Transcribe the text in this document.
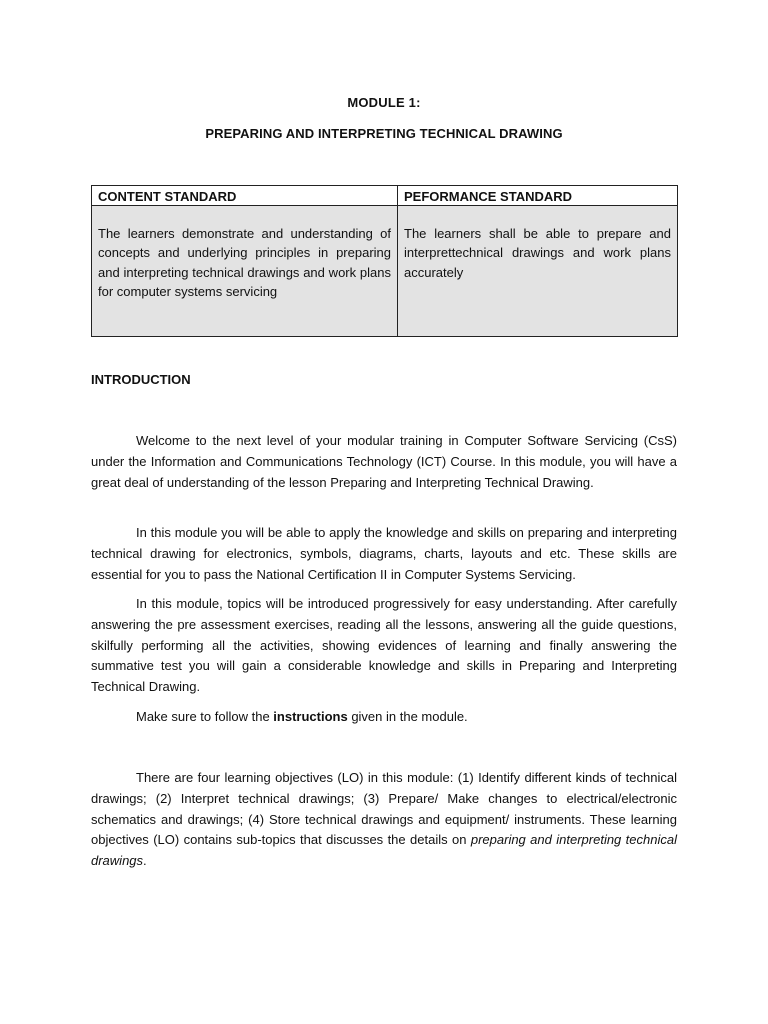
MODULE 1:
PREPARING AND INTERPRETING TECHNICAL DRAWING
CONTENT STANDARD	PEFORMANCE STANDARD
The learners demonstrate and understanding of concepts and underlying principles in preparing and interpreting technical drawings and work plans for computer systems servicing	The learners shall be able to prepare and interprettechnical drawings and work plans accurately
INTRODUCTION

Welcome to the next level of your modular training in Computer Software Servicing (CsS) under the Information and Communications Technology (ICT) Course. In this module, you will have a great deal of understanding of the lesson Preparing and Interpreting Technical Drawing.

In this module you will be able to apply the knowledge and skills on preparing and interpreting technical drawing for electronics, symbols, diagrams, charts, layouts and etc. These skills are essential for you to pass the National Certification II in Computer Systems Servicing.

In this module, topics will be introduced progressively for easy understanding. After carefully answering the pre assessment exercises, reading all the lessons, answering all the guide questions, skilfully performing all the activities, showing evidences of learning and finally answering the summative test you will gain a considerable knowledge and skills in Preparing and Interpreting Technical Drawing.

Make sure to follow the instructions given in the module.

There are four learning objectives (LO) in this module: (1) Identify different kinds of technical drawings; (2) Interpret technical drawings; (3) Prepare/ Make changes to electrical/electronic schematics and drawings; (4) Store technical drawings and equipment/ instruments. These learning objectives (LO) contains sub-topics that discusses the details on preparing and interpreting technical drawings.
